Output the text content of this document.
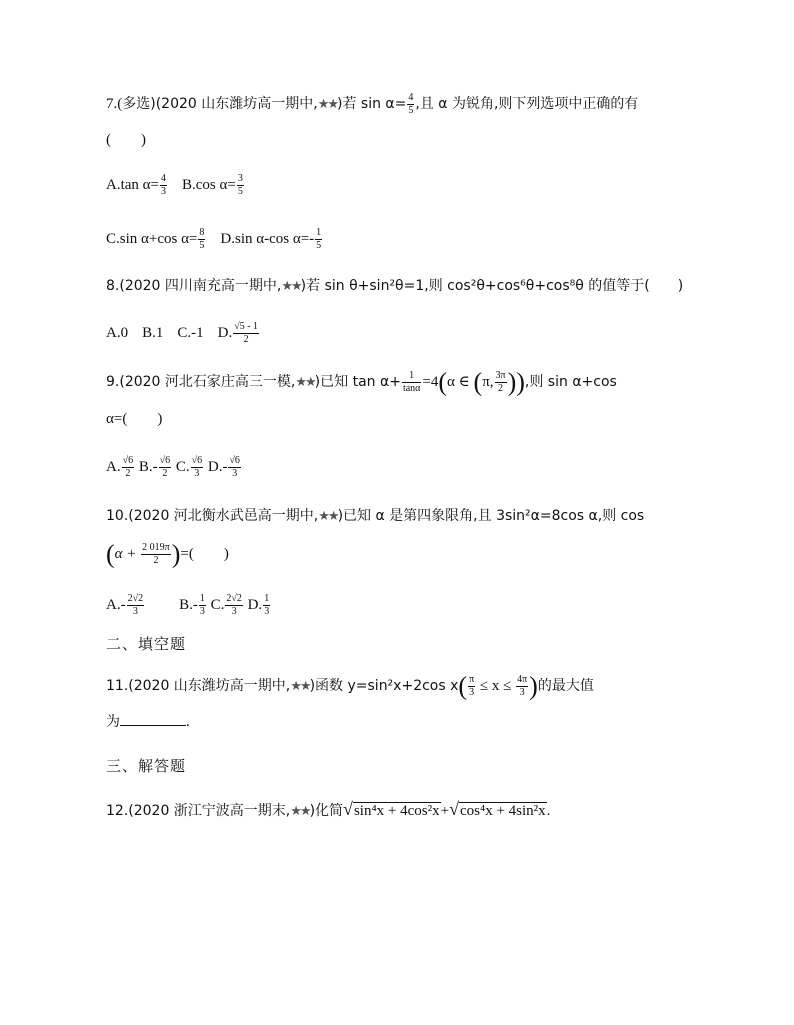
7.(多选)(2020 山东潍坊高一期中,★★)若 $\sin \alpha= \frac{4}{5}$ ,且 α 为锐角,则下列选项中正确的有
(　　)
A.tan $\alpha= \frac{4}{3} B.\cos$ $\alpha= \frac{3}{5}$
C.sin α+cos $\alpha= \frac{8}{5} D.\sin$ α-cos $\alpha=- \frac{1}{5}$
8.(2020 四川南充高一期中,★★)若 sin θ+sin²θ=1,则 cos²θ+cos⁶θ+cos⁸θ 的值等于(　　)
A.0 B.1 C.-1 D. $\frac{√5 - 1}{2}$
9.(2020 河北石家庄高三一模,★★)已知 $\tan \alpha+ \frac{1}{\tan\alpha} =4(\alpha$ ∈ (π, $\frac{3\pi}{2}$ )),则 sin α+cos
α=(　　)
A. $\frac{√6}{2} B.- \frac{√6}{2} C$. $\frac{√6}{3} D.- \frac{√6}{3}$
10.(2020 河北衡水武邑高一期中,★★)已知 α 是第四象限角,且 3sin²α=8cos α,则 cos
($\alpha + \frac{2 019\pi}{2}$ )=(　　)
$A.- \frac{2√2}{3} B.- \frac{1}{3} C$. $\frac{2√2}{3} D$. $\frac{1}{3}$
二、填空题
11.(2020 山东潍坊高一期中,★★)函数 y=sin²x+2cos $x( \frac{\pi}{3} \le x \le \frac{4\pi}{3}$ )的最大值
为	.
三、解答题
12.(2020 浙江宁波高一期末,★★)化简√sin⁴x + 4cos²x+√cos⁴x + 4sin²x.
